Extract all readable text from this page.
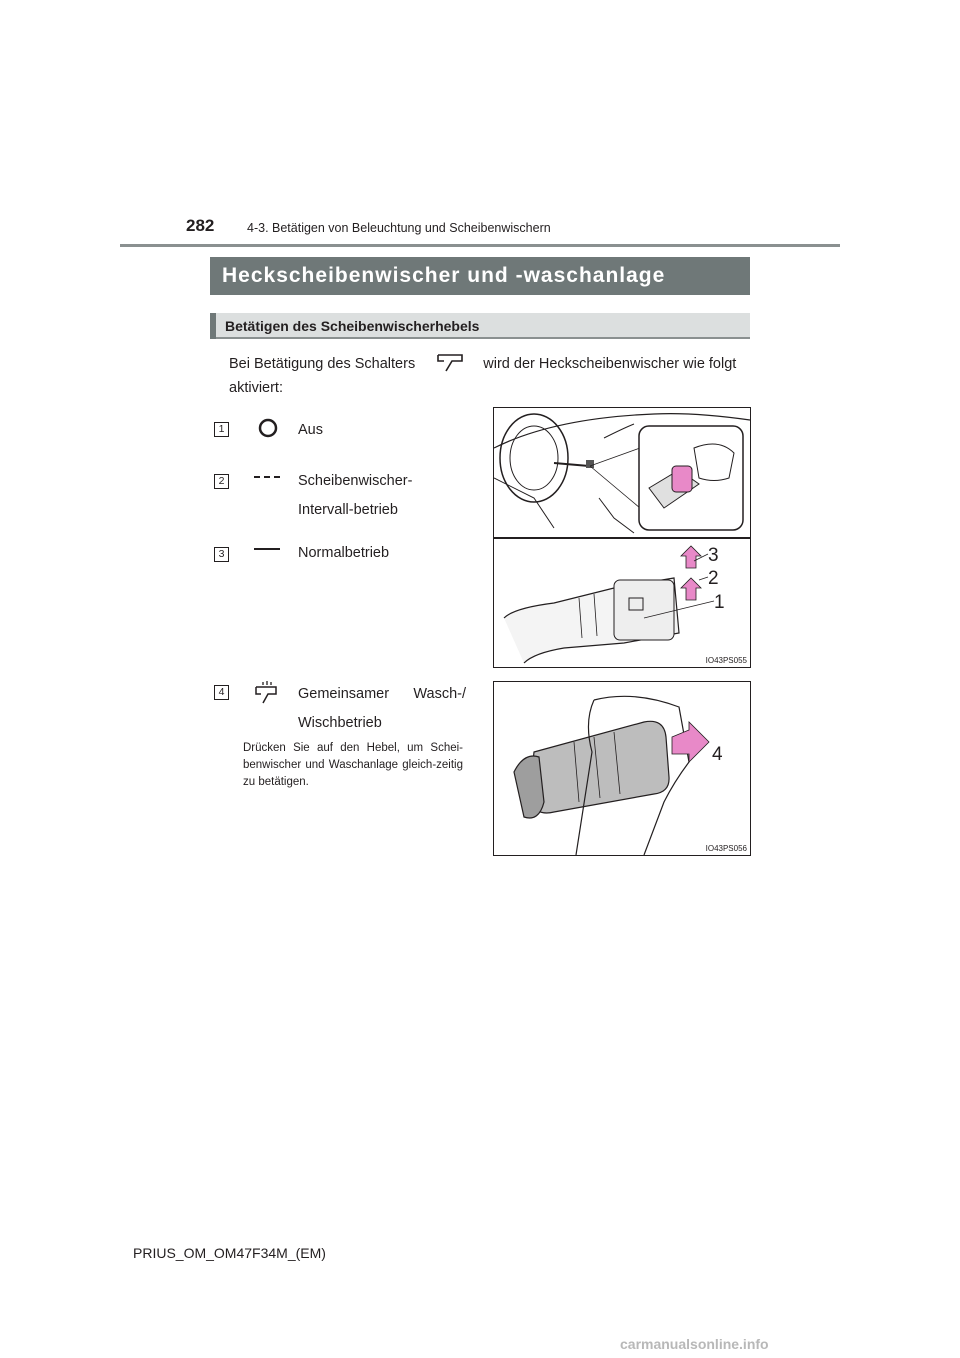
282	4-3. Betätigen von Beleuchtung und Scheibenwischern
Heckscheibenwischer und -waschanlage
Betätigen des Scheibenwischerhebels
Bei Betätigung des Schalters	wird der Heckscheibenwischer wie folgt aktiviert:
1	Aus
2	Scheibenwischer-Intervall-betrieb
3	Normalbetrieb
4	Gemeinsamer Wasch-/ Wischbetrieb
Drücken Sie auf den Hebel, um Schei-benwischer und Waschanlage gleich-zeitig zu betätigen.
3
2
1
IO43PS055
4
IO43PS056
PRIUS_OM_OM47F34M_(EM)
carmanualsonline.info
